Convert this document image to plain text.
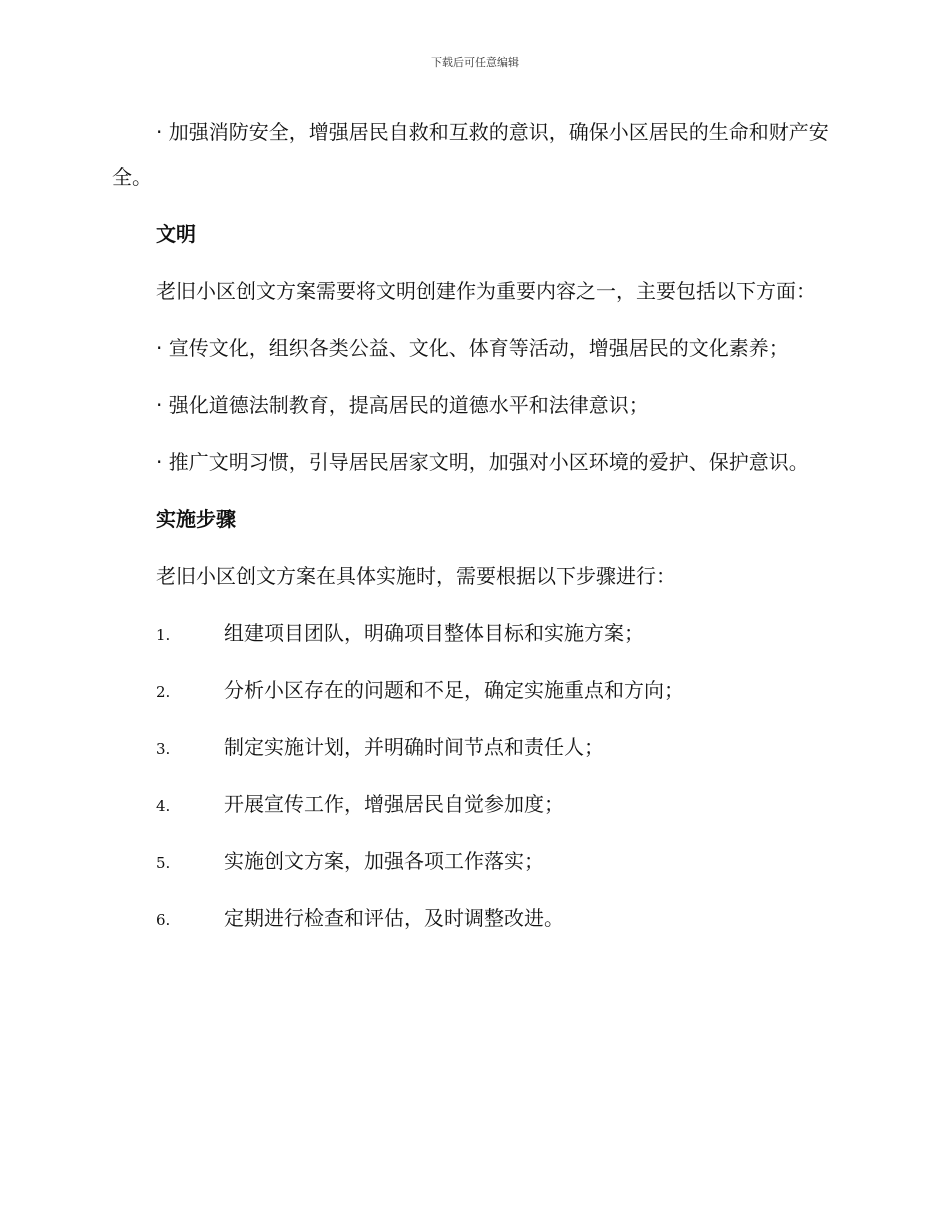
下载后可任意编辑

· 加强消防安全，增强居民自救和互救的意识，确保小区居民的生命和财产安全。

文明

老旧小区创文方案需要将文明创建作为重要内容之一，主要包括以下方面：

· 宣传文化，组织各类公益、文化、体育等活动，增强居民的文化素养；

· 强化道德法制教育，提高居民的道德水平和法律意识；

· 推广文明习惯，引导居民居家文明，加强对小区环境的爱护、保护意识。

实施步骤

老旧小区创文方案在具体实施时，需要根据以下步骤进行：

1.	组建项目团队，明确项目整体目标和实施方案；
2.	分析小区存在的问题和不足，确定实施重点和方向；
3.	制定实施计划，并明确时间节点和责任人；
4.	开展宣传工作，增强居民自觉参加度；
5.	实施创文方案，加强各项工作落实；
6.	定期进行检查和评估，及时调整改进。
